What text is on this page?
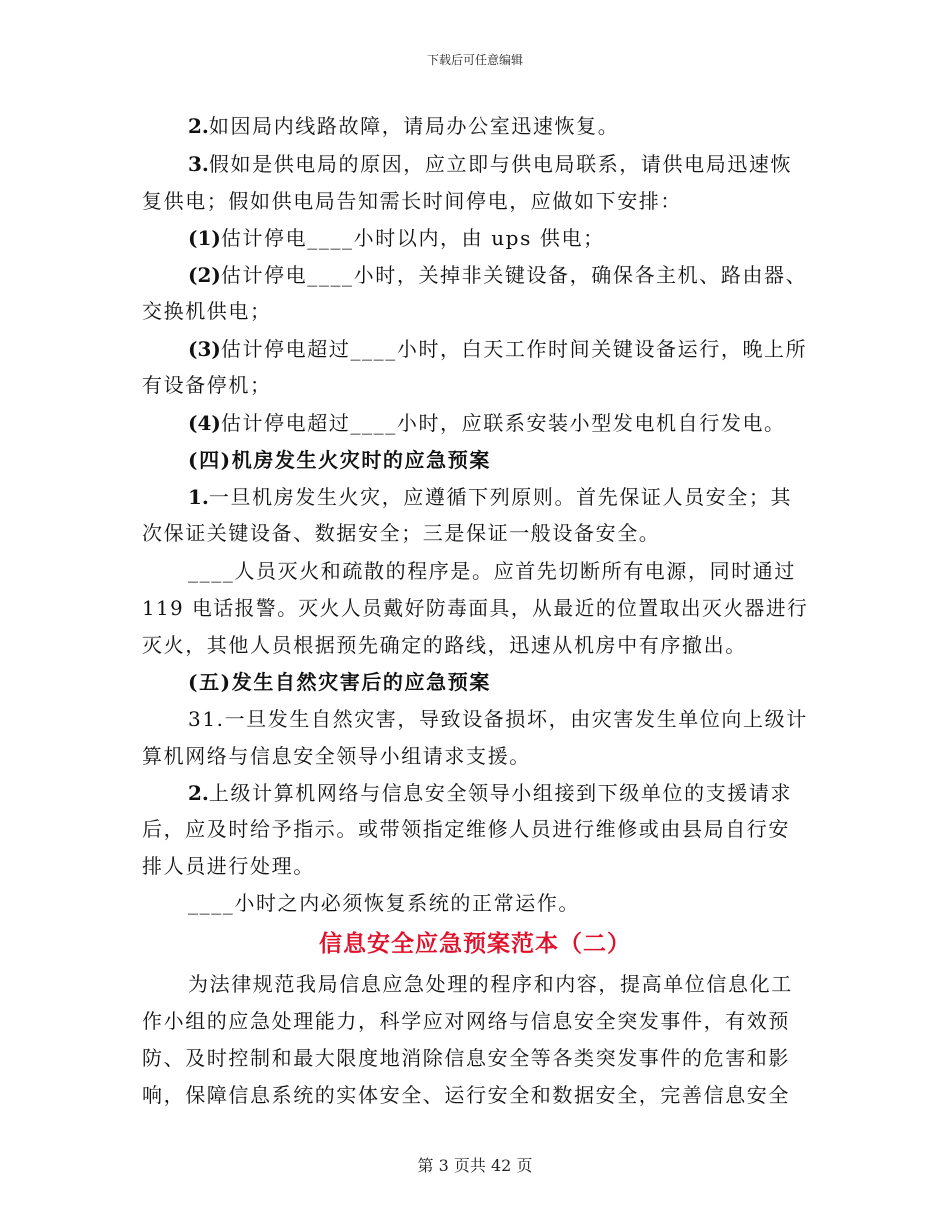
下载后可任意编辑
2.如因局内线路故障，请局办公室迅速恢复。
3.假如是供电局的原因，应立即与供电局联系，请供电局迅速恢
复供电；假如供电局告知需长时间停电，应做如下安排：
(1)估计停电____小时以内，由 ups 供电；
(2)估计停电____小时，关掉非关键设备，确保各主机、路由器、
交换机供电；
(3)估计停电超过____小时，白天工作时间关键设备运行，晚上所
有设备停机；
(4)估计停电超过____小时，应联系安装小型发电机自行发电。
(四)机房发生火灾时的应急预案
1.一旦机房发生火灾，应遵循下列原则。首先保证人员安全；其
次保证关键设备、数据安全；三是保证一般设备安全。
____人员灭火和疏散的程序是。应首先切断所有电源，同时通过
119 电话报警。灭火人员戴好防毒面具，从最近的位置取出灭火器进行
灭火，其他人员根据预先确定的路线，迅速从机房中有序撤出。
(五)发生自然灾害后的应急预案
31.一旦发生自然灾害，导致设备损坏，由灾害发生单位向上级计
算机网络与信息安全领导小组请求支援。
2.上级计算机网络与信息安全领导小组接到下级单位的支援请求
后，应及时给予指示。或带领指定维修人员进行维修或由县局自行安
排人员进行处理。
____小时之内必须恢复系统的正常运作。
信息安全应急预案范本（二）
为法律规范我局信息应急处理的程序和内容，提高单位信息化工
作小组的应急处理能力，科学应对网络与信息安全突发事件，有效预
防、及时控制和最大限度地消除信息安全等各类突发事件的危害和影
响，保障信息系统的实体安全、运行安全和数据安全，完善信息安全
第 3 页共 42 页
